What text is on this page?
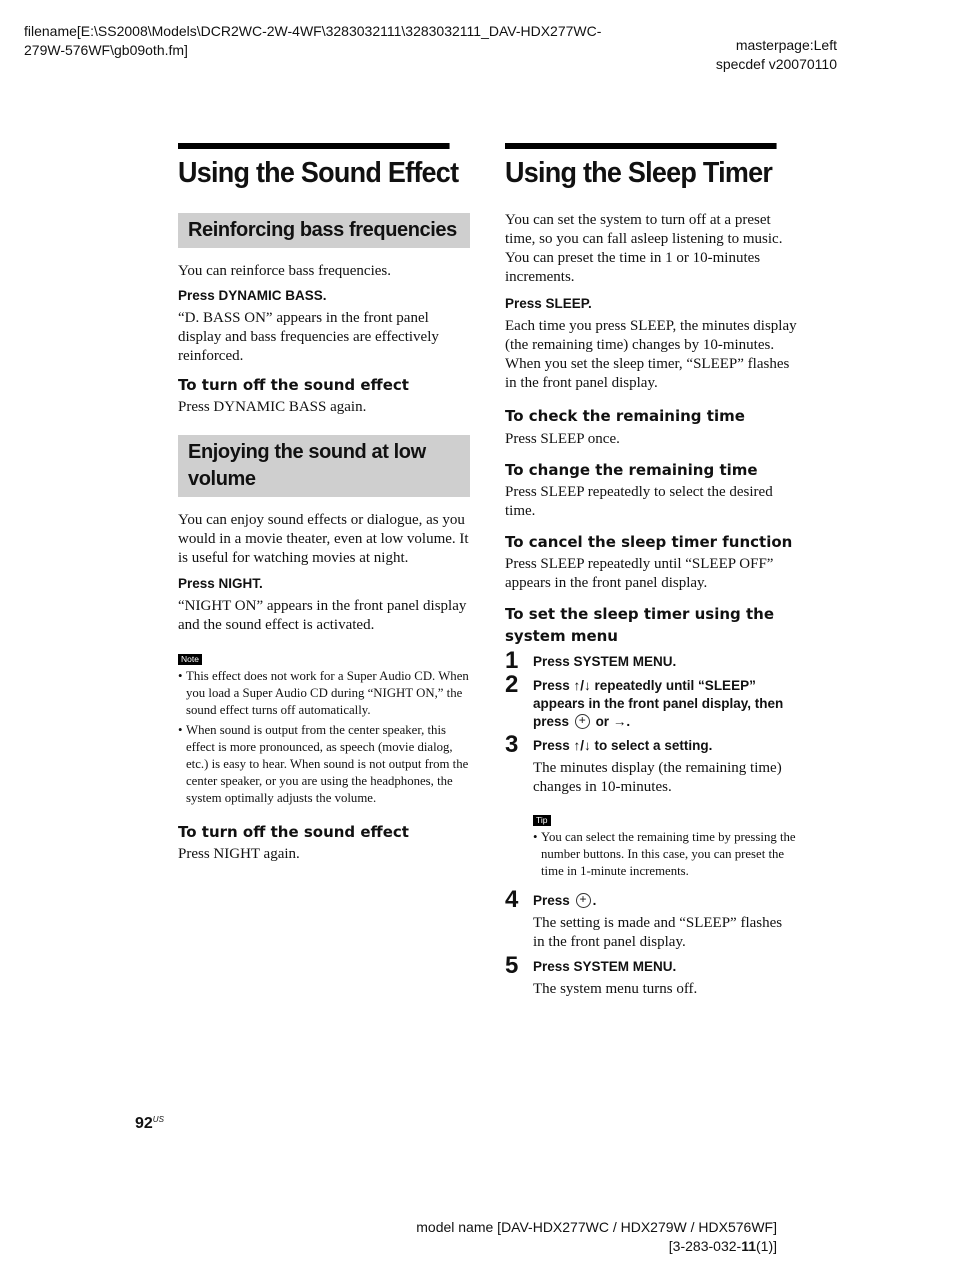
filename[E:\SS2008\Models\DCR2WC-2W-4WF\3283032111\3283032111_DAV-HDX277WC-
279W-576WF\gb09oth.fm]	masterpage:Left
specdef v20070110
Using the Sound Effect
Reinforcing bass frequencies

You can reinforce bass frequencies.

Press DYNAMIC BASS.

“D. BASS ON” appears in the front panel display and bass frequencies are effectively reinforced.

To turn off the sound effect

Press DYNAMIC BASS again.

Enjoying the sound at low
volume

You can enjoy sound effects or dialogue, as you would in a movie theater, even at low volume. It is useful for watching movies at night.

Press NIGHT.

“NIGHT ON” appears in the front panel display and the sound effect is activated.

Note
• This effect does not work for a Super Audio CD. When you load a Super Audio CD during “NIGHT ON,” the sound effect turns off automatically.
• When sound is output from the center speaker, this effect is more pronounced, as speech (movie dialog, etc.) is easy to hear. When sound is not output from the center speaker, or you are using the headphones, the system optimally adjusts the volume.
To turn off the sound effect

Press NIGHT again.

Using the Sleep Timer

You can set the system to turn off at a preset time, so you can fall asleep listening to music. You can preset the time in 1 or 10-minutes increments.

Press SLEEP.

Each time you press SLEEP, the minutes display (the remaining time) changes by 10-minutes. When you set the sleep timer, “SLEEP” flashes in the front panel display.

To check the remaining time

Press SLEEP once.

To change the remaining time

Press SLEEP repeatedly to select the desired time.

To cancel the sleep timer function

Press SLEEP repeatedly until “SLEEP OFF” appears in the front panel display.

To set the sleep timer using the system menu
1 Press SYSTEM MENU.
2 Press ↑/↓ repeatedly until “SLEEP” appears in the front panel display, then press + or →.
3 Press ↑/↓ to select a setting.

The minutes display (the remaining time) changes in 10-minutes.

Tip
• You can select the remaining time by pressing the number buttons. In this case, you can preset the time in 1-minute increments.
4 Press + .

The setting is made and “SLEEP” flashes in the front panel display.

5 Press SYSTEM MENU.

The system menu turns off.

$92^{US}$
model name [DAV-HDX277WC / HDX279W / HDX576WF]
[3-283-032-11(1)]
